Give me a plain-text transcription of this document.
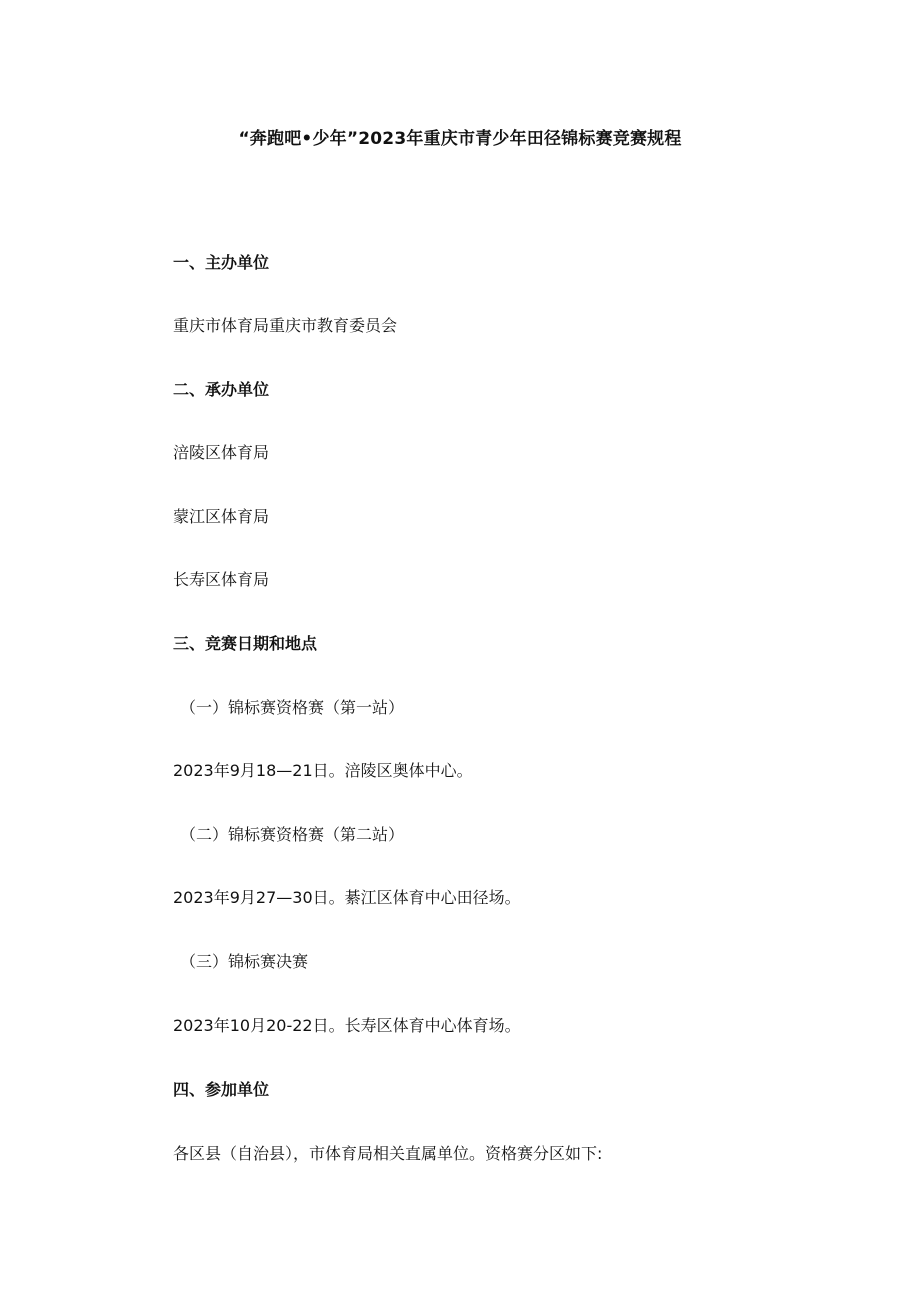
“奔跑吧•少年”2023年重庆市青少年田径锦标赛竞赛规程
一、主办单位
重庆市体育局重庆市教育委员会
二、承办单位
涪陵区体育局
蒙江区体育局
长寿区体育局
三、竞赛日期和地点
（一）锦标赛资格赛（第一站）
2023年9月18—21日。涪陵区奥体中心。
（二）锦标赛资格赛（第二站）
2023年9月27—30日。綦江区体育中心田径场。
（三）锦标赛决赛
2023年10月20-22日。长寿区体育中心体育场。
四、参加单位
各区县（自治县），市体育局相关直属单位。资格赛分区如下:
